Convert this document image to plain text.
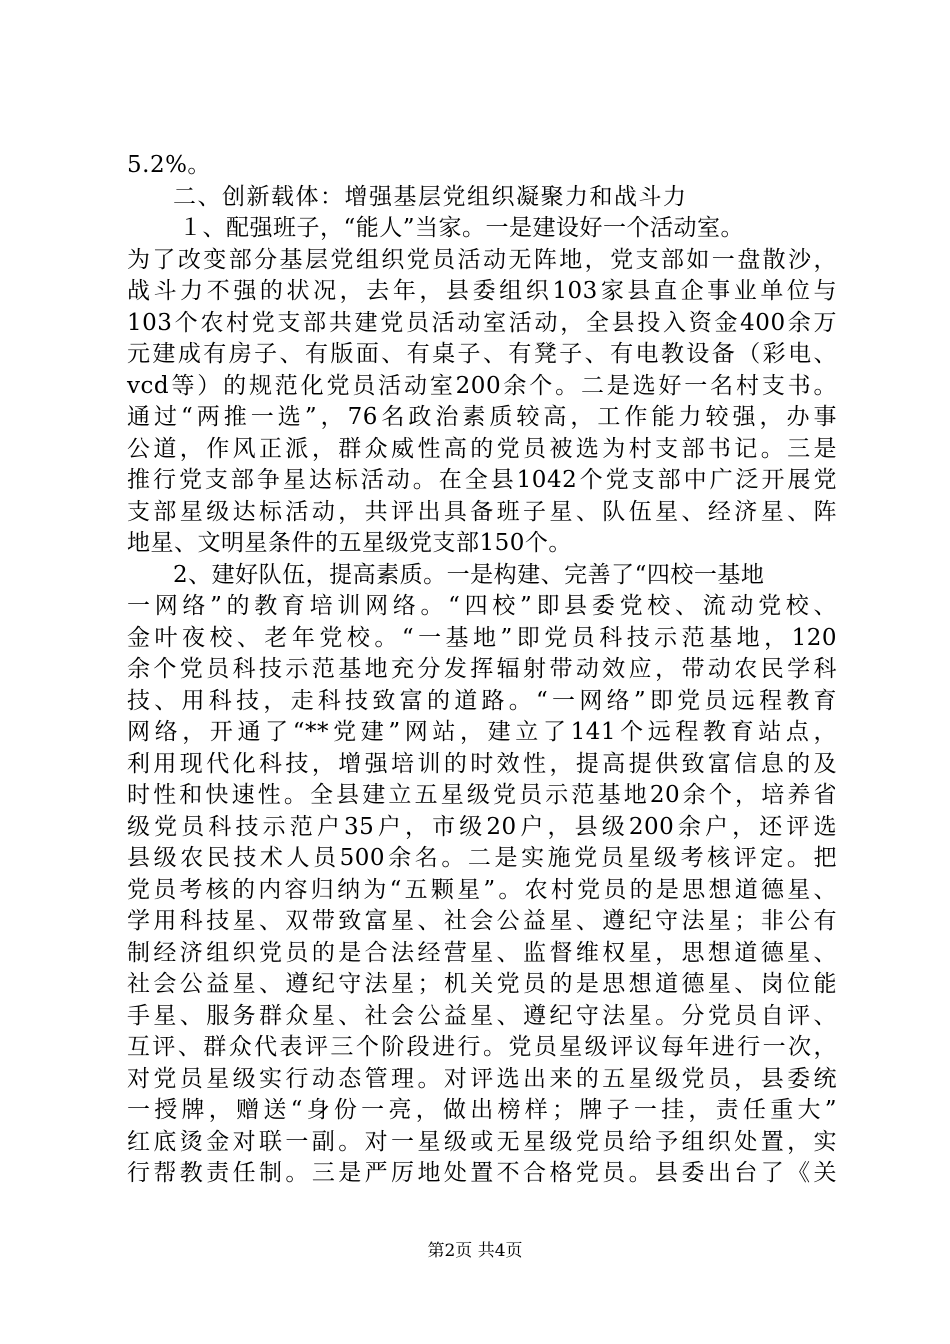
5.2%。
二、创新载体：增强基层党组织凝聚力和战斗力
１、配强班子，“能人”当家。一是建设好一个活动室。
为了改变部分基层党组织党员活动无阵地，党支部如一盘散沙，
战斗力不强的状况，去年，县委组织103家县直企事业单位与
103个农村党支部共建党员活动室活动，全县投入资金400余万
元建成有房子、有版面、有桌子、有凳子、有电教设备（彩电、
vcd等）的规范化党员活动室200余个。二是选好一名村支书。
通过“两推一选”，76名政治素质较高，工作能力较强，办事
公道，作风正派，群众威性高的党员被选为村支部书记。三是
推行党支部争星达标活动。在全县1042个党支部中广泛开展党
支部星级达标活动，共评出具备班子星、队伍星、经济星、阵
地星、文明星条件的五星级党支部150个。
2、建好队伍，提高素质。一是构建、完善了“四校一基地
一网络”的教育培训网络。“四校”即县委党校、流动党校、
金叶夜校、老年党校。“一基地”即党员科技示范基地，120
余个党员科技示范基地充分发挥辐射带动效应，带动农民学科
技、用科技，走科技致富的道路。“一网络”即党员远程教育
网络，开通了“**党建”网站，建立了141个远程教育站点，
利用现代化科技，增强培训的时效性，提高提供致富信息的及
时性和快速性。全县建立五星级党员示范基地20余个，培养省
级党员科技示范户35户，市级20户，县级200余户，还评选
县级农民技术人员500余名。二是实施党员星级考核评定。把
党员考核的内容归纳为“五颗星”。农村党员的是思想道德星、
学用科技星、双带致富星、社会公益星、遵纪守法星；非公有
制经济组织党员的是合法经营星、监督维权星，思想道德星、
社会公益星、遵纪守法星；机关党员的是思想道德星、岗位能
手星、服务群众星、社会公益星、遵纪守法星。分党员自评、
互评、群众代表评三个阶段进行。党员星级评议每年进行一次，
对党员星级实行动态管理。对评选出来的五星级党员，县委统
一授牌，赠送“身份一亮，做出榜样；牌子一挂，责任重大”
红底烫金对联一副。对一星级或无星级党员给予组织处置，实
行帮教责任制。三是严厉地处置不合格党员。县委出台了《关
第2页 共4页
